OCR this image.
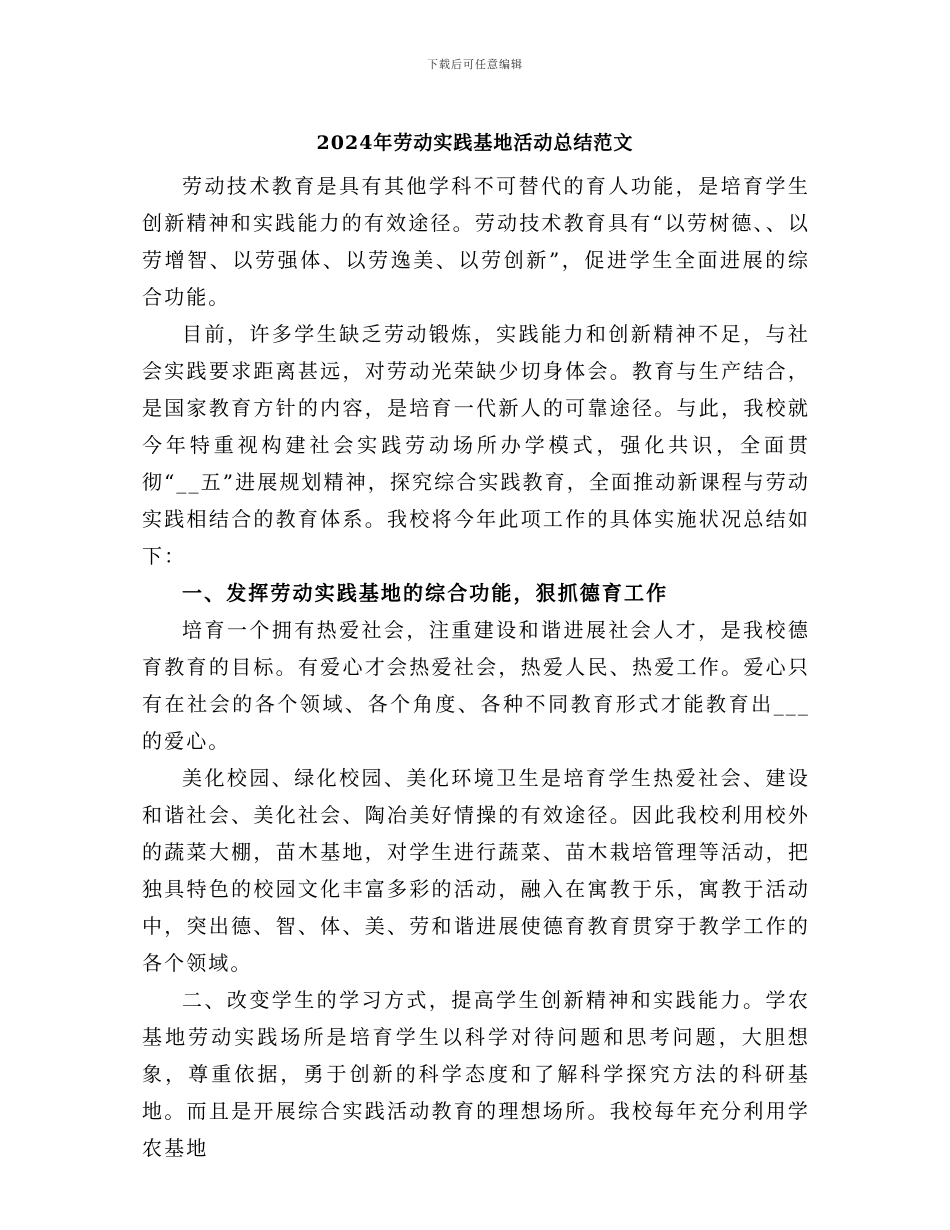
下载后可任意编辑
2024年劳动实践基地活动总结范文

劳动技术教育是具有其他学科不可替代的育人功能，是培育学生创新精神和实践能力的有效途径。劳动技术教育具有“以劳树德、、以劳增智、以劳强体、以劳逸美、以劳创新”，促进学生全面进展的综合功能。

目前，许多学生缺乏劳动锻炼，实践能力和创新精神不足，与社会实践要求距离甚远，对劳动光荣缺少切身体会。教育与生产结合，是国家教育方针的内容，是培育一代新人的可靠途径。与此，我校就今年特重视构建社会实践劳动场所办学模式，强化共识，全面贯彻“__五”进展规划精神，探究综合实践教育，全面推动新课程与劳动实践相结合的教育体系。我校将今年此项工作的具体实施状况总结如下：

一、发挥劳动实践基地的综合功能，狠抓德育工作

培育一个拥有热爱社会，注重建设和谐进展社会人才，是我校德育教育的目标。有爱心才会热爱社会，热爱人民、热爱工作。爱心只有在社会的各个领域、各个角度、各种不同教育形式才能教育出___的爱心。

美化校园、绿化校园、美化环境卫生是培育学生热爱社会、建设和谐社会、美化社会、陶冶美好情操的有效途径。因此我校利用校外的蔬菜大棚，苗木基地，对学生进行蔬菜、苗木栽培管理等活动，把独具特色的校园文化丰富多彩的活动，融入在寓教于乐，寓教于活动中，突出德、智、体、美、劳和谐进展使德育教育贯穿于教学工作的各个领域。

二、改变学生的学习方式，提高学生创新精神和实践能力。学农基地劳动实践场所是培育学生以科学对待问题和思考问题，大胆想象，尊重依据，勇于创新的科学态度和了解科学探究方法的科研基地。而且是开展综合实践活动教育的理想场所。我校每年充分利用学农基地
